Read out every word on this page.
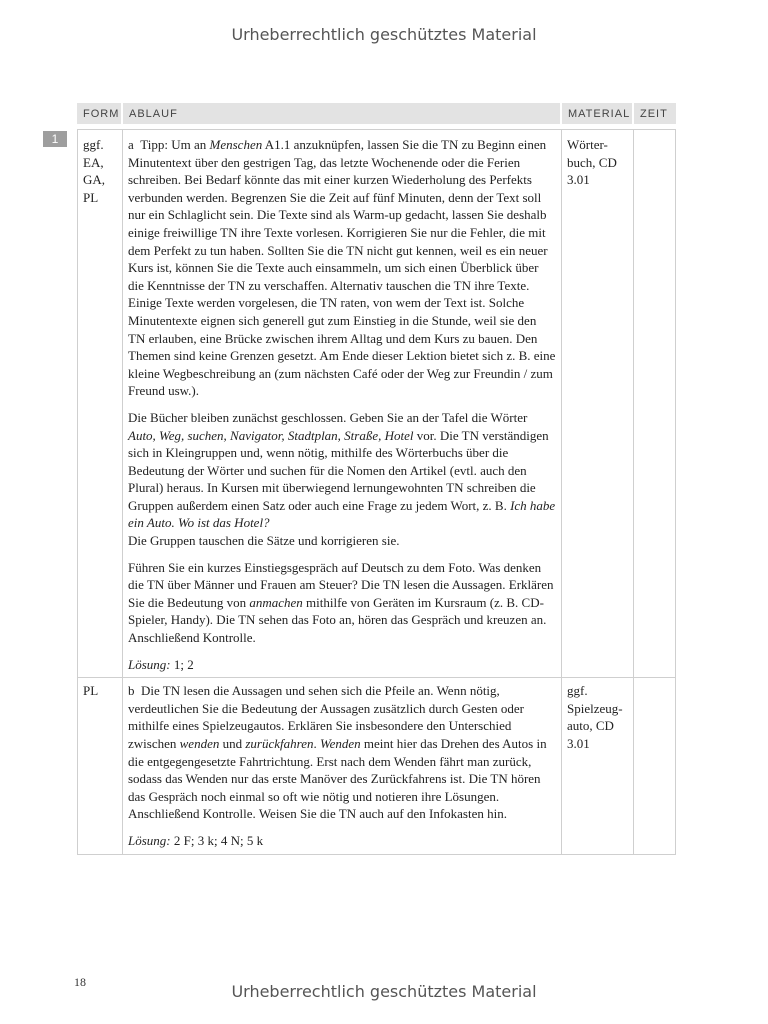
Urheberrechtlich geschütztes Material
1
FORM	ABLAUF	MATERIAL	ZEIT

ggf. EA, GA, PL	a Tipp: Um an Menschen A1.1 anzuknüpfen, lassen Sie die TN zu Beginn einen Minutentext über den gestrigen Tag, das letzte Wochenende oder die Ferien schreiben. Bei Bedarf könnte das mit einer kurzen Wiederholung des Perfekts verbunden werden. Begrenzen Sie die Zeit auf fünf Minuten, denn der Text soll nur ein Schlaglicht sein. Die Texte sind als Warm-up gedacht, lassen Sie deshalb einige freiwillige TN ihre Texte vorlesen. Korrigieren Sie nur die Fehler, die mit dem Perfekt zu tun haben. Sollten Sie die TN nicht gut kennen, weil es ein neuer Kurs ist, können Sie die Texte auch einsammeln, um sich einen Überblick über die Kenntnisse der TN zu verschaffen. Alternativ tauschen die TN ihre Texte. Einige Texte werden vorgelesen, die TN raten, von wem der Text ist. Solche Minutentexte eignen sich generell gut zum Einstieg in die Stunde, weil sie den TN erlauben, eine Brücke zwischen ihrem Alltag und dem Kurs zu bauen. Den Themen sind keine Grenzen gesetzt. Am Ende dieser Lektion bietet sich z. B. eine kleine Wegbeschreibung an (zum nächsten Café oder der Weg zur Freundin / zum Freund usw.).

Die Bücher bleiben zunächst geschlossen. Geben Sie an der Tafel die Wörter Auto, Weg, suchen, Navigator, Stadtplan, Straße, Hotel vor. Die TN verständigen sich in Kleingruppen und, wenn nötig, mithilfe des Wörterbuchs über die Bedeutung der Wörter und suchen für die Nomen den Artikel (evtl. auch den Plural) heraus. In Kursen mit überwiegend lernungewohnten TN schreiben die Gruppen außerdem einen Satz oder auch eine Frage zu jedem Wort, z. B. Ich habe ein Auto. Wo ist das Hotel?
Die Gruppen tauschen die Sätze und korrigieren sie.

Führen Sie ein kurzes Einstiegsgespräch auf Deutsch zu dem Foto. Was denken die TN über Männer und Frauen am Steuer? Die TN lesen die Aussagen. Erklären Sie die Bedeutung von anmachen mithilfe von Geräten im Kursraum (z. B. CD-Spieler, Handy). Die TN sehen das Foto an, hören das Gespräch und kreuzen an. Anschließend Kontrolle.

Lösung: 1; 2	Wörter-buch, CD 3.01	
PL	b Die TN lesen die Aussagen und sehen sich die Pfeile an. Wenn nötig, verdeutlichen Sie die Bedeutung der Aussagen zusätzlich durch Gesten oder mithilfe eines Spielzeugautos. Erklären Sie insbesondere den Unterschied zwischen wenden und zurückfahren. Wenden meint hier das Drehen des Autos in die entgegengesetzte Fahrtrichtung. Erst nach dem Wenden fährt man zurück, sodass das Wenden nur das erste Manöver des Zurückfahrens ist. Die TN hören das Gespräch noch einmal so oft wie nötig und notieren ihre Lösungen. Anschließend Kontrolle. Weisen Sie die TN auch auf den Infokasten hin.

Lösung: 2 F; 3 k; 4 N; 5 k	ggf. Spielzeug-auto, CD 3.01	
18	Urheberrechtlich geschütztes Material
